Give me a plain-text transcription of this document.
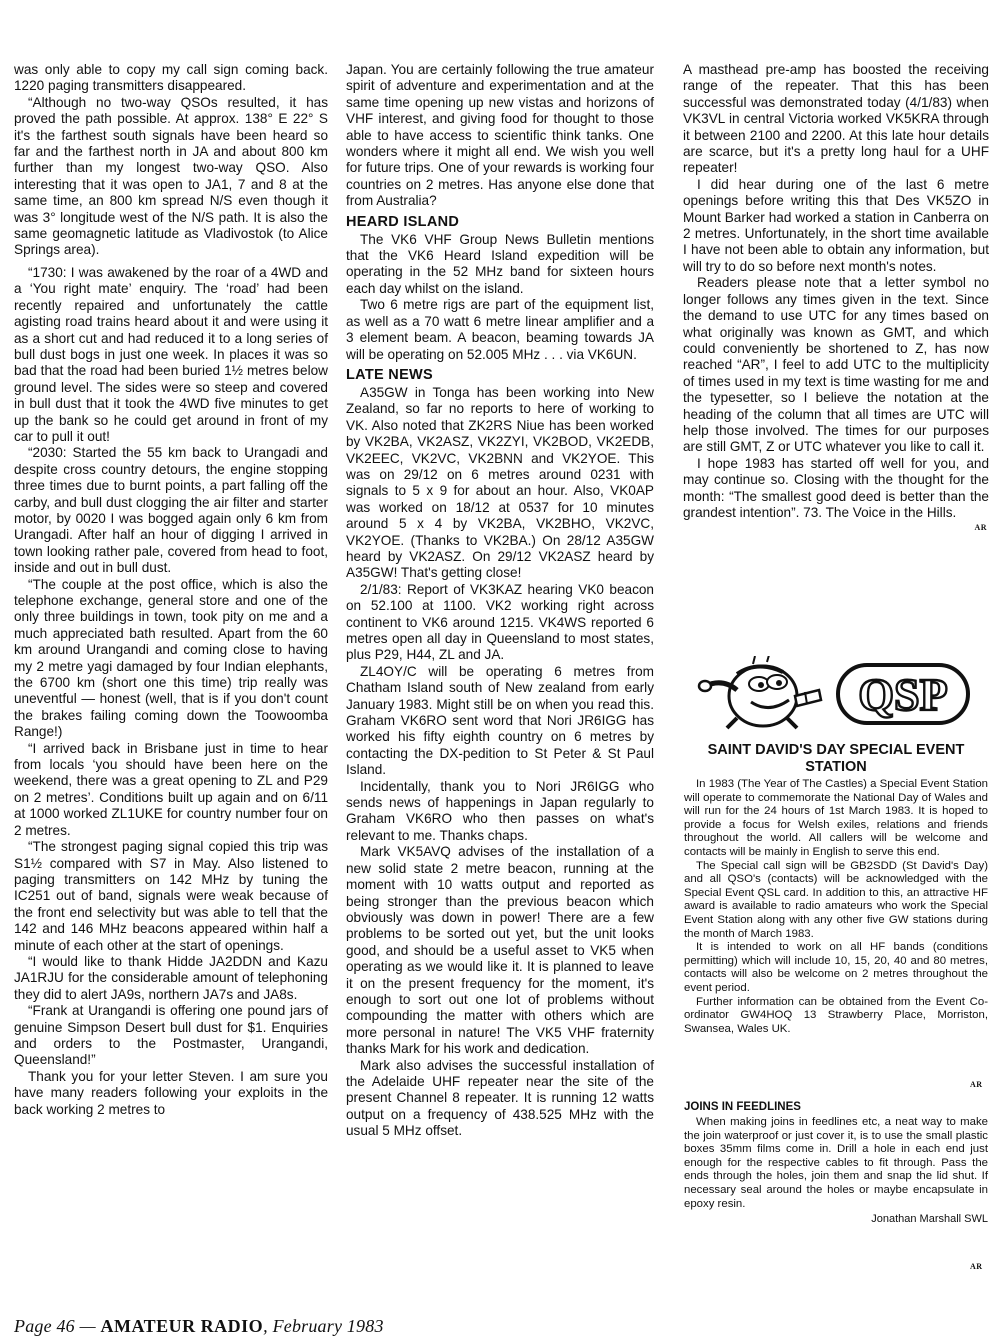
was only able to copy my call sign coming back. 1220 paging transmitters disappeared.

“Although no two-way QSOs resulted, it has proved the path possible. At approx. 138° E 22° S it's the farthest south signals have been heard so far and the farthest north in JA and about 800 km further than my longest two-way QSO. Also interesting that it was open to JA1, 7 and 8 at the same time, an 800 km spread N/S even though it was 3° longitude west of the N/S path. It is also the same geomagnetic latitude as Vladivostok (to Alice Springs area).

“1730: I was awakened by the roar of a 4WD and a ‘You right mate’ enquiry. The ‘road’ had been recently repaired and unfortunately the cattle agisting road trains heard about it and were using it as a short cut and had reduced it to a long series of bull dust bogs in just one week. In places it was so bad that the road had been buried 1½ metres below ground level. The sides were so steep and covered in bull dust that it took the 4WD five minutes to get up the bank so he could get around in front of my car to pull it out!

“2030: Started the 55 km back to Urangadi and despite cross country detours, the engine stopping three times due to burnt points, a part falling off the carby, and bull dust clogging the air filter and starter motor, by 0020 I was bogged again only 6 km from Urangadi. After half an hour of digging I arrived in town looking rather pale, covered from head to foot, inside and out in bull dust.

“The couple at the post office, which is also the telephone exchange, general store and one of the only three buildings in town, took pity on me and a much appreciated bath resulted. Apart from the 60 km around Urangandi and coming close to having my 2 metre yagi damaged by four Indian elephants, the 6700 km (short one this time) trip really was uneventful — honest (well, that is if you don't count the brakes failing coming down the Toowoomba Range!)

“I arrived back in Brisbane just in time to hear from locals ‘you should have been here on the weekend, there was a great opening to ZL and P29 on 2 metres’. Conditions built up again and on 6/11 at 1000 worked ZL1UKE for country number four on 2 metres.

“The strongest paging signal copied this trip was S1½ compared with S7 in May. Also listened to paging transmitters on 142 MHz by tuning the IC251 out of band, signals were weak because of the front end selectivity but was able to tell that the 142 and 146 MHz beacons appeared within half a minute of each other at the start of openings.

“I would like to thank Hidde JA2DDN and Kazu JA1RJU for the considerable amount of telephoning they did to alert JA9s, northern JA7s and JA8s.

“Frank at Urangandi is offering one pound jars of genuine Simpson Desert bull dust for $1. Enquiries and orders to the Postmaster, Urangandi, Queensland!”

Thank you for your letter Steven. I am sure you have many readers following your exploits in the back working 2 metres to

Japan. You are certainly following the true amateur spirit of adventure and experimentation and at the same time opening up new vistas and horizons of VHF interest, and giving food for thought to those able to have access to scientific think tanks. One wonders where it might all end. We wish you well for future trips. One of your rewards is working four countries on 2 metres. Has anyone else done that from Australia?

HEARD ISLAND

The VK6 VHF Group News Bulletin mentions that the VK6 Heard Island expedition will be operating in the 52 MHz band for sixteen hours each day whilst on the island.

Two 6 metre rigs are part of the equipment list, as well as a 70 watt 6 metre linear amplifier and a 3 element beam. A beacon, beaming towards JA will be operating on 52.005 MHz . . . via VK6UN.

LATE NEWS

A35GW in Tonga has been working into New Zealand, so far no reports to here of working to VK. Also noted that ZK2RS Niue has been worked by VK2BA, VK2ASZ, VK2ZYI, VK2BOD, VK2EDB, VK2EEC, VK2VC, VK2BNN and VK2YOE. This was on 29/12 on 6 metres around 0231 with signals to 5 x 9 for about an hour. Also, VK0AP was worked on 18/12 at 0537 for 10 minutes around 5 x 4 by VK2BA, VK2BHO, VK2VC, VK2YOE. (Thanks to VK2BA.) On 28/12 A35GW heard by VK2ASZ. On 29/12 VK2ASZ heard by A35GW! That's getting close!

2/1/83: Report of VK3KAZ hearing VK0 beacon on 52.100 at 1100. VK2 working right across continent to VK6 around 1215. VK4WS reported 6 metres open all day in Queensland to most states, plus P29, H44, ZL and JA.

ZL4OY/C will be operating 6 metres from Chatham Island south of New zealand from early January 1983. Might still be on when you read this. Graham VK6RO sent word that Nori JR6IGG has worked his fifty eighth country on 6 metres by contacting the DX-pedition to St Peter & St Paul Island.

Incidentally, thank you to Nori JR6IGG who sends news of happenings in Japan regularly to Graham VK6RO who then passes on what's relevant to me. Thanks chaps.

Mark VK5AVQ advises of the installation of a new solid state 2 metre beacon, running at the moment with 10 watts output and reported as being stronger than the previous beacon which obviously was down in power! There are a few problems to be sorted out yet, but the unit looks good, and should be a useful asset to VK5 when operating as we would like it. It is planned to leave it on the present frequency for the moment, it's enough to sort out one lot of problems without compounding the matter with others which are more personal in nature! The VK5 VHF fraternity thanks Mark for his work and dedication.

Mark also advises the successful installation of the Adelaide UHF repeater near the site of the present Channel 8 repeater. It is running 12 watts output on a frequency of 438.525 MHz with the usual 5 MHz offset.

A masthead pre-amp has boosted the receiving range of the repeater. That this has been successful was demonstrated today (4/1/83) when VK3VL in central Victoria worked VK5KRA through it between 2100 and 2200. At this late hour details are scarce, but it's a pretty long haul for a UHF repeater!

I did hear during one of the last 6 metre openings before writing this that Des VK5ZO in Mount Barker had worked a station in Canberra on 2 metres. Unfortunately, in the short time available I have not been able to obtain any information, but will try to do so before next month's notes.

Readers please note that a letter symbol no longer follows any times given in the text. Since the demand to use UTC for any times based on what originally was known as GMT, and which could conveniently be shortened to Z, has now reached “AR”, I feel to add UTC to the multiplicity of times used in my text is time wasting for me and the typesetter, so I believe the notation at the heading of the column that all times are UTC will help those involved. The times for our purposes are still GMT, Z or UTC whatever you like to call it.

I hope 1983 has started off well for you, and may continue so. Closing with the thought for the month: “The smallest good deed is better than the grandest intention”. 73. The Voice in the Hills.

AR
QSP
SAINT DAVID'S DAY SPECIAL EVENT STATION

In 1983 (The Year of The Castles) a Special Event Station will operate to commemorate the National Day of Wales and will run for the 24 hours of 1st March 1983. It is hoped to provide a focus for Welsh exiles, relations and friends throughout the world. All callers will be welcome and contacts will be mainly in English to serve this end.

The Special call sign will be GB2SDD (St David's Day) and all QSO's (contacts) will be acknowledged with the Special Event QSL card. In addition to this, an attractive HF award is available to radio amateurs who work the Special Event Station along with any other five GW stations during the month of March 1983.

It is intended to work on all HF bands (conditions permitting) which will include 10, 15, 20, 40 and 80 metres, contacts will also be welcome on 2 metres throughout the event period.

Further information can be obtained from the Event Co-ordinator GW4HOQ 13 Strawberry Place, Morriston, Swansea, Wales UK.

AR
JOINS IN FEEDLINES

When making joins in feedlines etc, a neat way to make the join waterproof or just cover it, is to use the small plastic boxes 35mm films come in. Drill a hole in each end just enough for the respective cables to fit through. Pass the ends through the holes, join them and snap the lid shut. If necessary seal around the holes or maybe encapsulate in epoxy resin.

Jonathan Marshall SWL
AR
Page 46 — AMATEUR RADIO, February 1983
